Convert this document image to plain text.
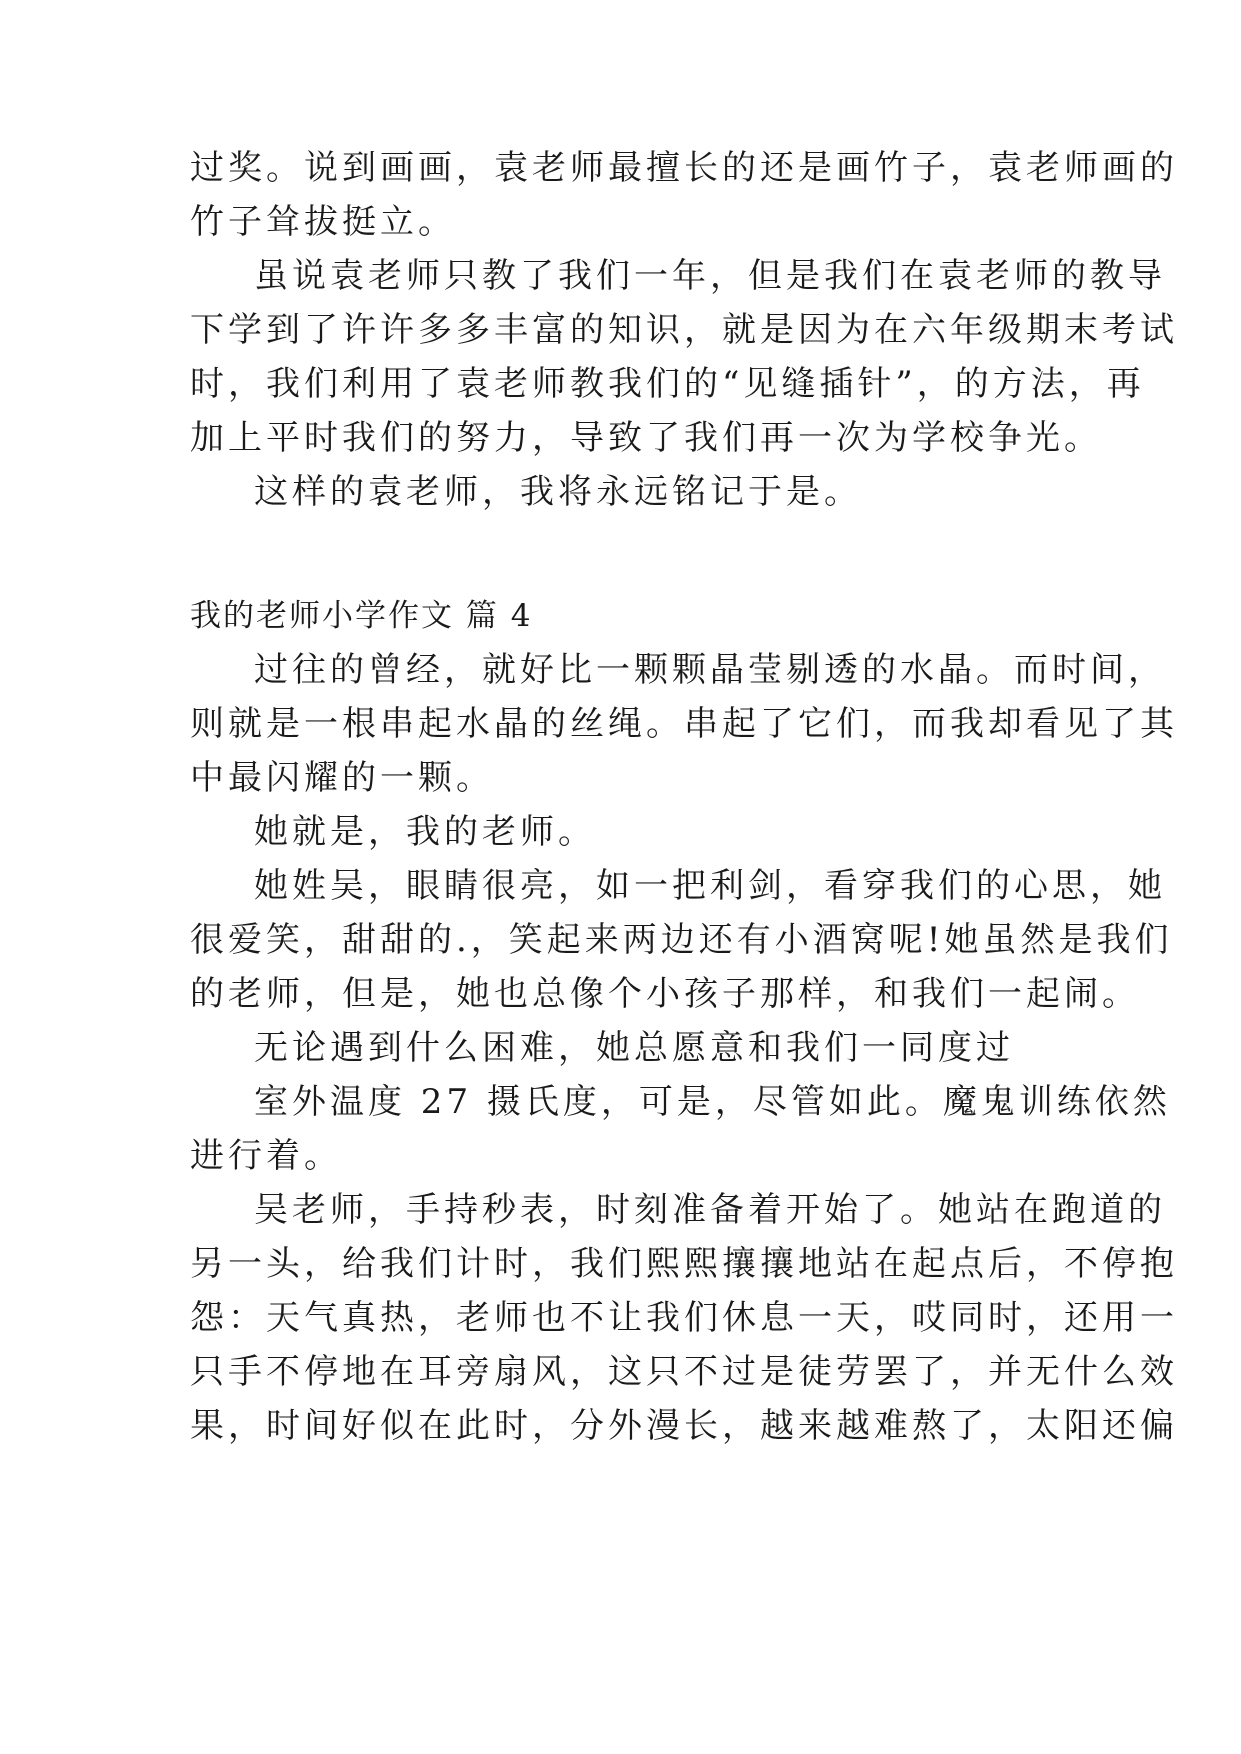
过奖。说到画画，袁老师最擅长的还是画竹子，袁老师画的
竹子耸拔挺立。
虽说袁老师只教了我们一年，但是我们在袁老师的教导
下学到了许许多多丰富的知识，就是因为在六年级期末考试
时，我们利用了袁老师教我们的“见缝插针”，的方法，再
加上平时我们的努力，导致了我们再一次为学校争光。
这样的袁老师，我将永远铭记于是。
我的老师小学作文 篇 4
过往的曾经，就好比一颗颗晶莹剔透的水晶。而时间，
则就是一根串起水晶的丝绳。串起了它们，而我却看见了其
中最闪耀的一颗。
她就是，我的老师。
她姓吴，眼睛很亮，如一把利剑，看穿我们的心思，她
很爱笑，甜甜的.，笑起来两边还有小酒窝呢!她虽然是我们
的老师，但是，她也总像个小孩子那样，和我们一起闹。
无论遇到什么困难，她总愿意和我们一同度过
室外温度 27 摄氏度，可是，尽管如此。魔鬼训练依然
进行着。
吴老师，手持秒表，时刻准备着开始了。她站在跑道的
另一头，给我们计时，我们熙熙攘攘地站在起点后，不停抱
怨：天气真热，老师也不让我们休息一天，哎同时，还用一
只手不停地在耳旁扇风，这只不过是徒劳罢了，并无什么效
果，时间好似在此时，分外漫长，越来越难熬了，太阳还偏
